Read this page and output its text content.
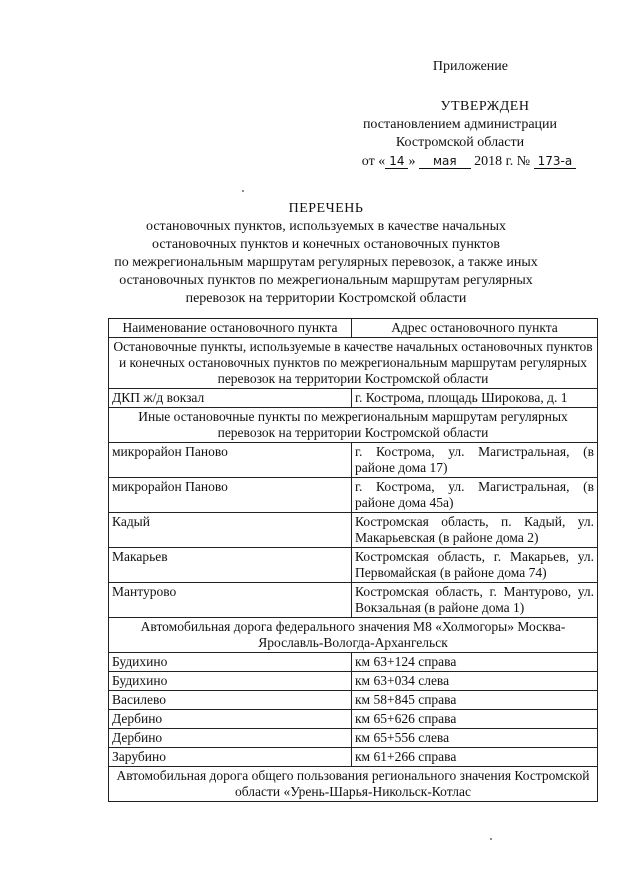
Приложение
УТВЕРЖДЕН
постановлением администрации
Костромской области
от « 14 » мая 2018 г. № 173-а
ПЕРЕЧЕНЬ
остановочных пунктов, используемых в качестве начальных
остановочных пунктов и конечных остановочных пунктов
по межрегиональным маршрутам регулярных перевозок, а также иных
остановочных пунктов по межрегиональным маршрутам регулярных
перевозок на территории Костромской области
Наименование остановочного пункта	Адрес остановочного пункта
Остановочные пункты, используемые в качестве начальных остановочных пунктов и конечных остановочных пунктов по межрегиональным маршрутам регулярных перевозок на территории Костромской области	
ДКП ж/д вокзал	г. Кострома, площадь Широкова, д. 1
Иные остановочные пункты по межрегиональным маршрутам регулярных перевозок на территории Костромской области	
микрорайон Паново	г. Кострома, ул. Магистральная, (в районе дома 17)
микрорайон Паново	г. Кострома, ул. Магистральная, (в районе дома 45а)
Кадый	Костромская область, п. Кадый, ул. Макарьевская (в районе дома 2)
Макарьев	Костромская область, г. Макарьев, ул. Первомайская (в районе дома 74)
Мантурово	Костромская область, г. Мантурово, ул. Вокзальная (в районе дома 1)
Автомобильная дорога федерального значения М8 «Холмогоры» Москва-Ярославль-Вологда-Архангельск	
Будихино	км 63+124 справа
Будихино	км 63+034 слева
Василево	км 58+845 справа
Дербино	км 65+626 справа
Дербино	км 65+556 слева
Зарубино	км 61+266 справа
Автомобильная дорога общего пользования регионального значения Костромской области «Урень-Шарья-Никольск-Котлас	
